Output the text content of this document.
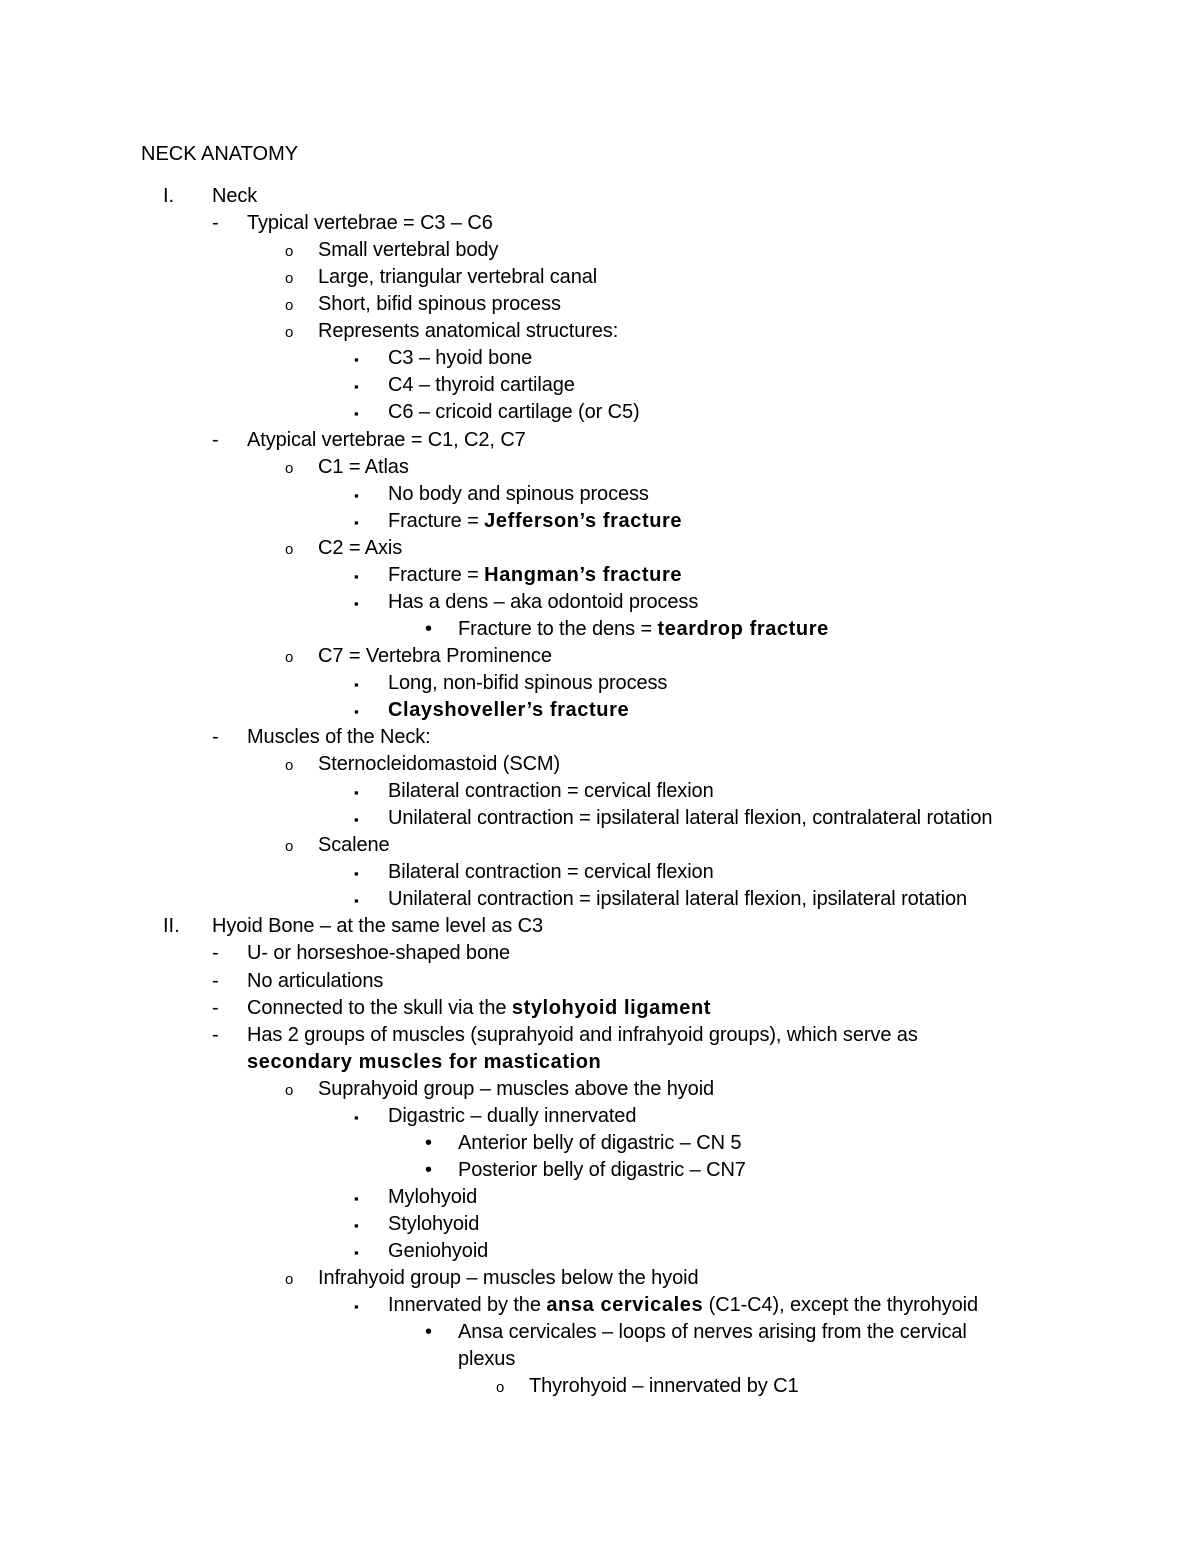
NECK ANATOMY
I. Neck
- Typical vertebrae = C3 – C6
o Small vertebral body
o Large, triangular vertebral canal
o Short, bifid spinous process
o Represents anatomical structures:
▪ C3 – hyoid bone
▪ C4 – thyroid cartilage
▪ C6 – cricoid cartilage (or C5)
- Atypical vertebrae = C1, C2, C7
o C1 = Atlas
▪ No body and spinous process
▪ Fracture = Jefferson’s fracture
o C2 = Axis
▪ Fracture = Hangman’s fracture
▪ Has a dens – aka odontoid process
• Fracture to the dens = teardrop fracture
o C7 = Vertebra Prominence
▪ Long, non-bifid spinous process
▪ Clayshoveller’s fracture
- Muscles of the Neck:
o Sternocleidomastoid (SCM)
▪ Bilateral contraction = cervical flexion
▪ Unilateral contraction = ipsilateral lateral flexion, contralateral rotation
o Scalene
▪ Bilateral contraction = cervical flexion
▪ Unilateral contraction = ipsilateral lateral flexion, ipsilateral rotation
II. Hyoid Bone – at the same level as C3
- U- or horseshoe-shaped bone
- No articulations
- Connected to the skull via the stylohyoid ligament
- Has 2 groups of muscles (suprahyoid and infrahyoid groups), which serve as
secondary muscles for mastication
o Suprahyoid group – muscles above the hyoid
▪ Digastric – dually innervated
• Anterior belly of digastric – CN 5
• Posterior belly of digastric – CN7
▪ Mylohyoid
▪ Stylohyoid
▪ Geniohyoid
o Infrahyoid group – muscles below the hyoid
▪ Innervated by the ansa cervicales (C1-C4), except the thyrohyoid
• Ansa cervicales – loops of nerves arising from the cervical
plexus
o Thyrohyoid – innervated by C1
